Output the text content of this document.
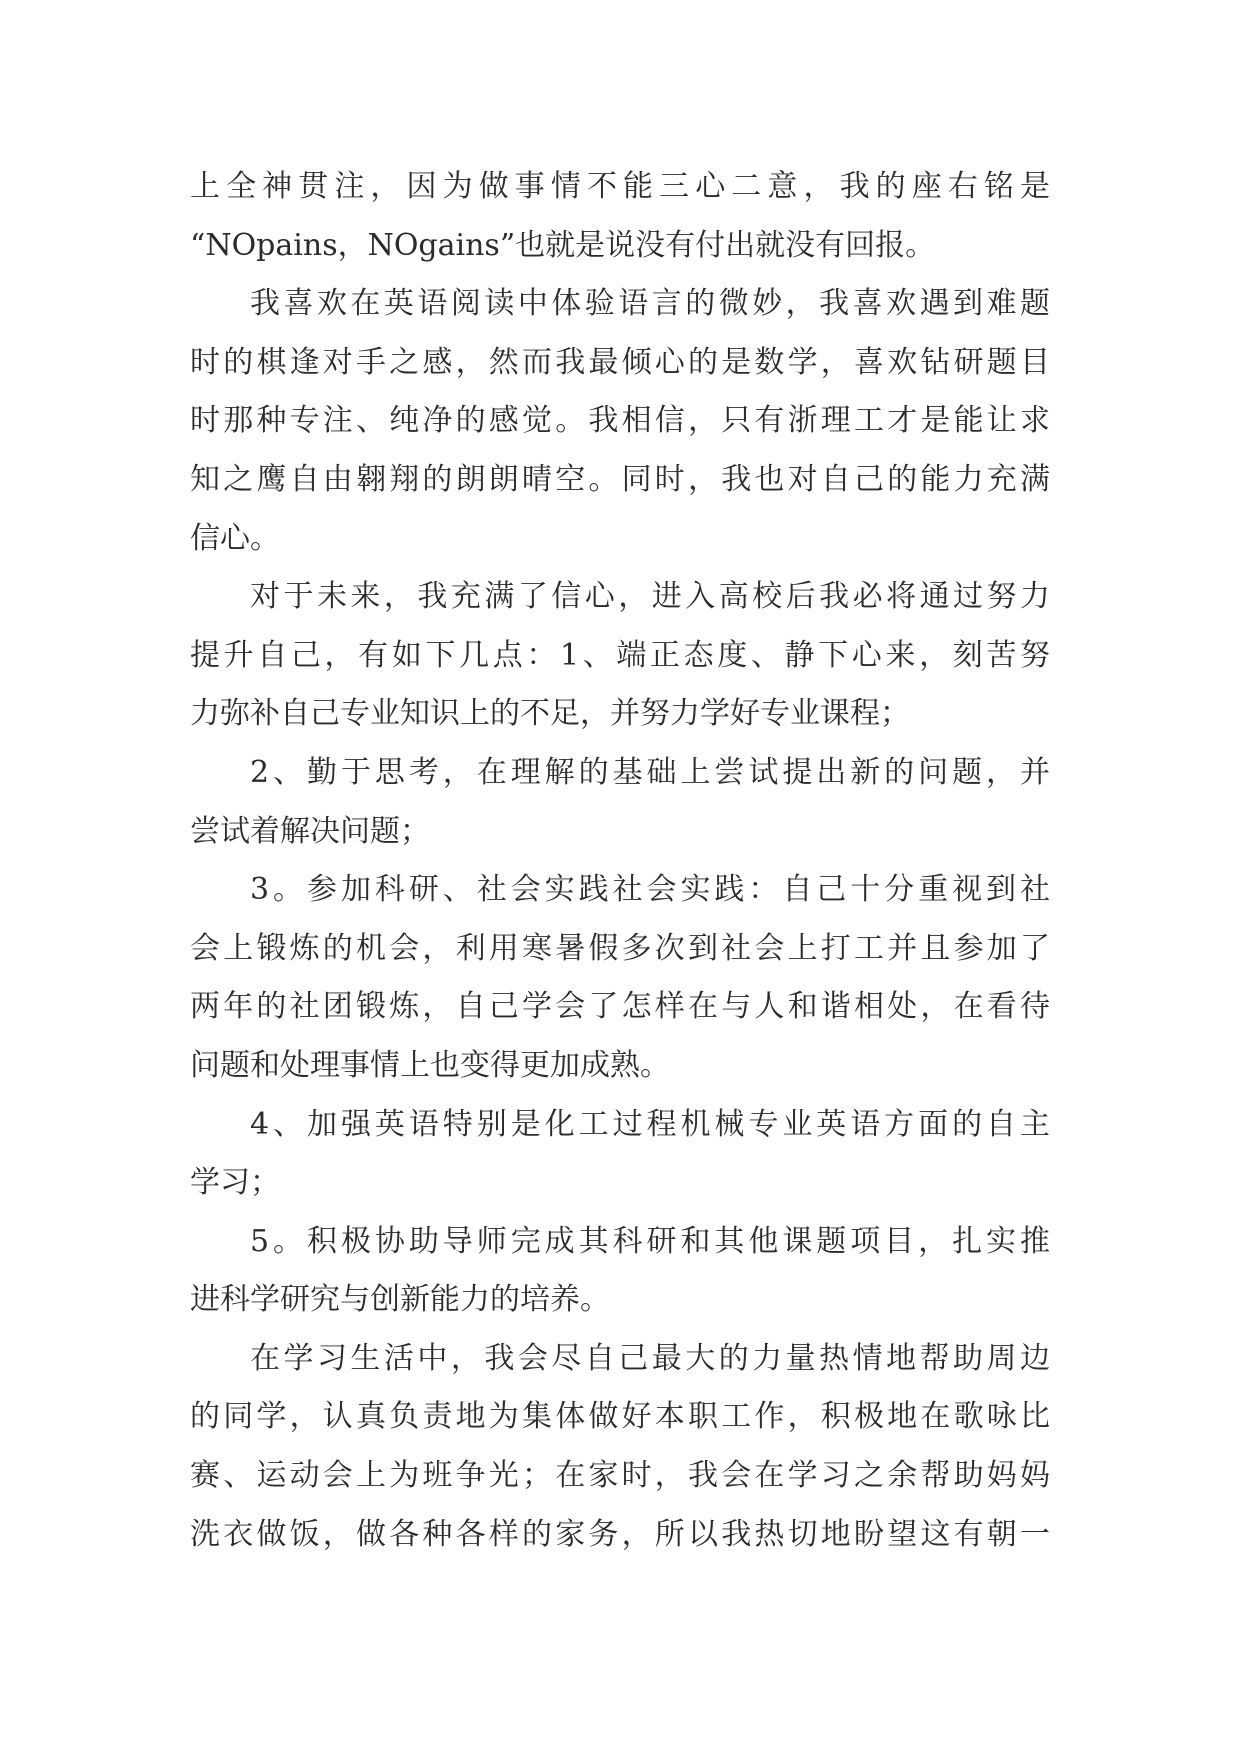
上全神贯注，因为做事情不能三心二意，我的座右铭是
“NOpains，NOgains”也就是说没有付出就没有回报。
我喜欢在英语阅读中体验语言的微妙，我喜欢遇到难题
时的棋逢对手之感，然而我最倾心的是数学，喜欢钻研题目
时那种专注、纯净的感觉。我相信，只有浙理工才是能让求
知之鹰自由翱翔的朗朗晴空。同时，我也对自己的能力充满
信心。
对于未来，我充满了信心，进入高校后我必将通过努力
提升自己，有如下几点：1、端正态度、静下心来，刻苦努
力弥补自己专业知识上的不足，并努力学好专业课程；
2、勤于思考，在理解的基础上尝试提出新的问题，并
尝试着解决问题；
3。参加科研、社会实践社会实践：自己十分重视到社
会上锻炼的机会，利用寒暑假多次到社会上打工并且参加了
两年的社团锻炼，自己学会了怎样在与人和谐相处，在看待
问题和处理事情上也变得更加成熟。
4、加强英语特别是化工过程机械专业英语方面的自主
学习；
5。积极协助导师完成其科研和其他课题项目，扎实推
进科学研究与创新能力的培养。
在学习生活中，我会尽自己最大的力量热情地帮助周边
的同学，认真负责地为集体做好本职工作，积极地在歌咏比
赛、运动会上为班争光；在家时，我会在学习之余帮助妈妈
洗衣做饭，做各种各样的家务，所以我热切地盼望这有朝一
